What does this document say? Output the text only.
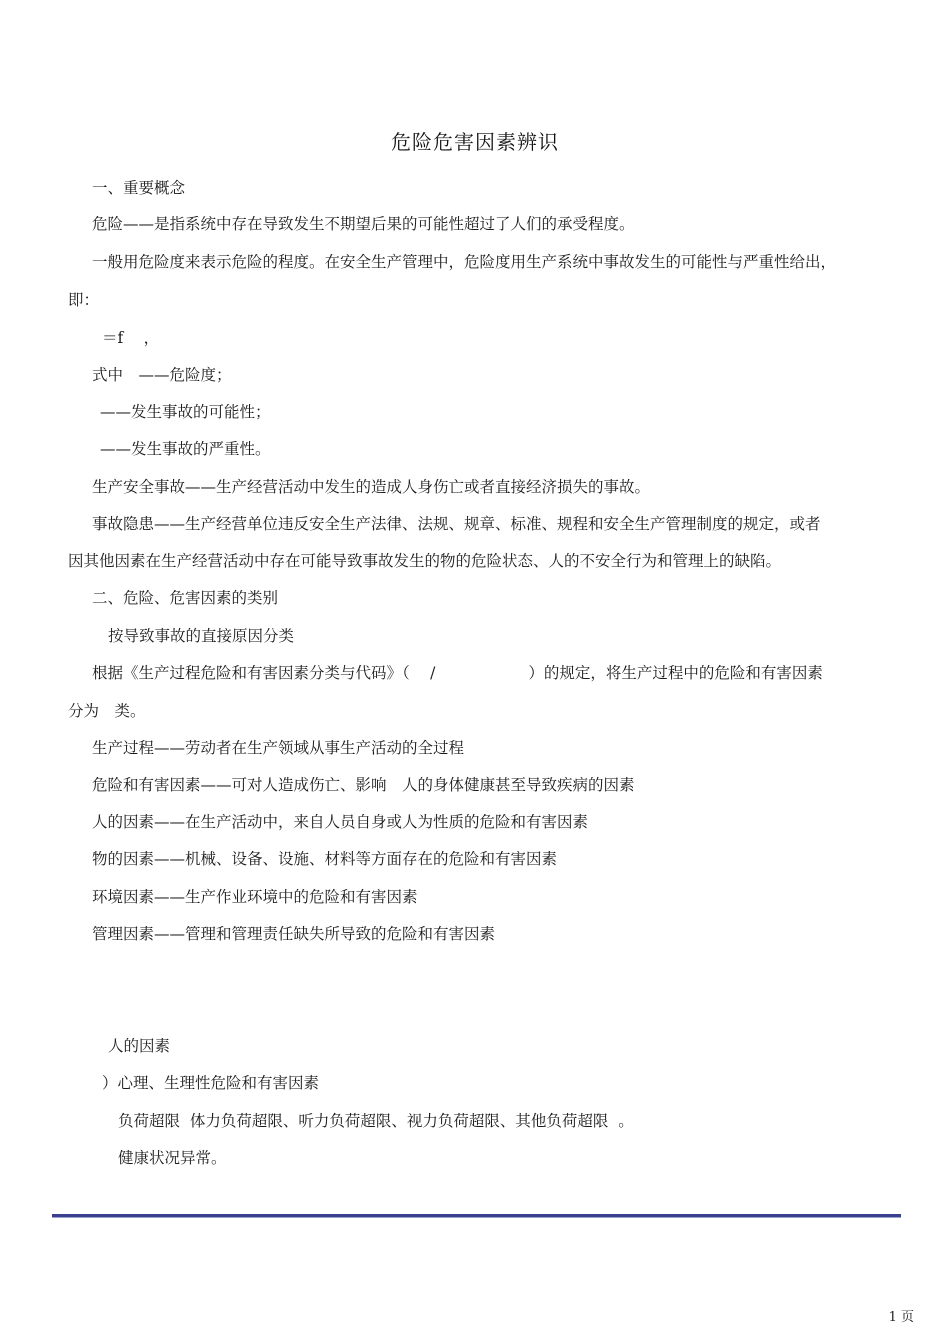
危险危害因素辨识
一、重要概念
危险——是指系统中存在导致发生不期望后果的可能性超过了人们的承受程度。
一般用危险度来表示危险的程度。在安全生产管理中，危险度用生产系统中事故发生的可能性与严重性给出，
即：
＝f　 ，
式中　——危险度；
——发生事故的可能性；
——发生事故的严重性。
生产安全事故——生产经营活动中发生的造成人身伤亡或者直接经济损失的事故。
事故隐患——生产经营单位违反安全生产法律、法规、规章、标准、规程和安全生产管理制度的规定，或者
因其他因素在生产经营活动中存在可能导致事故发生的物的危险状态、人的不安全行为和管理上的缺陷。
二、危险、危害因素的类别
按导致事故的直接原因分类
根据《生产过程危险和有害因素分类与代码》（　 /　　　　　　）的规定，将生产过程中的危险和有害因素
分为　类。
生产过程——劳动者在生产领域从事生产活动的全过程
危险和有害因素——可对人造成伤亡、影响　人的身体健康甚至导致疾病的因素
人的因素——在生产活动中，来自人员自身或人为性质的危险和有害因素
物的因素——机械、设备、设施、材料等方面存在的危险和有害因素
环境因素——生产作业环境中的危险和有害因素
管理因素——管理和管理责任缺失所导致的危险和有害因素
人的因素
）心理、生理性危险和有害因素
负荷超限  体力负荷超限、听力负荷超限、视力负荷超限、其他负荷超限  。
健康状况异常。
1 页
